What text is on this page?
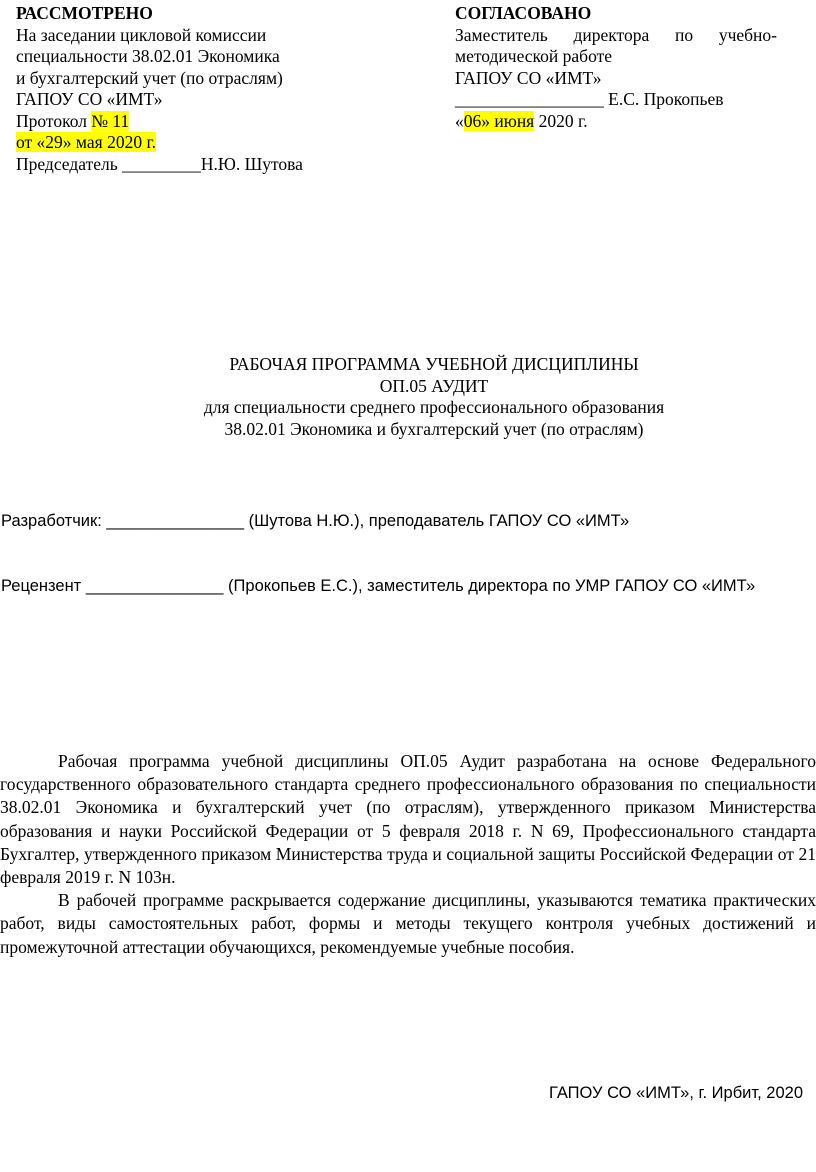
РАССМОТРЕНО
На заседании цикловой комиссии
специальности 38.02.01 Экономика
и бухгалтерский учет (по отраслям)
ГАПОУ СО «ИМТ»
Протокол № 11
от «29» мая 2020 г.
Председатель _________Н.Ю. Шутова
СОГЛАСОВАНО
Заместитель директора по учебно-
методической работе
ГАПОУ СО «ИМТ»
_________________ Е.С. Прокопьев
«06» июня 2020 г.
РАБОЧАЯ ПРОГРАММА УЧЕБНОЙ ДИСЦИПЛИНЫ
ОП.05 АУДИТ
для специальности среднего профессионального образования
38.02.01 Экономика и бухгалтерский учет (по отраслям)
Разработчик: _______________ (Шутова Н.Ю.), преподаватель ГАПОУ СО «ИМТ»
Рецензент _______________ (Прокопьев Е.С.), заместитель директора по УМР ГАПОУ СО «ИМТ»

Рабочая программа учебной дисциплины ОП.05 Аудит разработана на основе Федерального государственного образовательного стандарта среднего профессионального образования по специальности 38.02.01 Экономика и бухгалтерский учет (по отраслям), утвержденного приказом Министерства образования и науки Российской Федерации от 5 февраля 2018 г. N 69, Профессионального стандарта Бухгалтер, утвержденного приказом Министерства труда и социальной защиты Российской Федерации от 21 февраля 2019 г. N 103н.

В рабочей программе раскрывается содержание дисциплины, указываются тематика практических работ, виды самостоятельных работ, формы и методы текущего контроля учебных достижений и промежуточной аттестации обучающихся, рекомендуемые учебные пособия.

ГАПОУ СО «ИМТ», г. Ирбит, 2020
